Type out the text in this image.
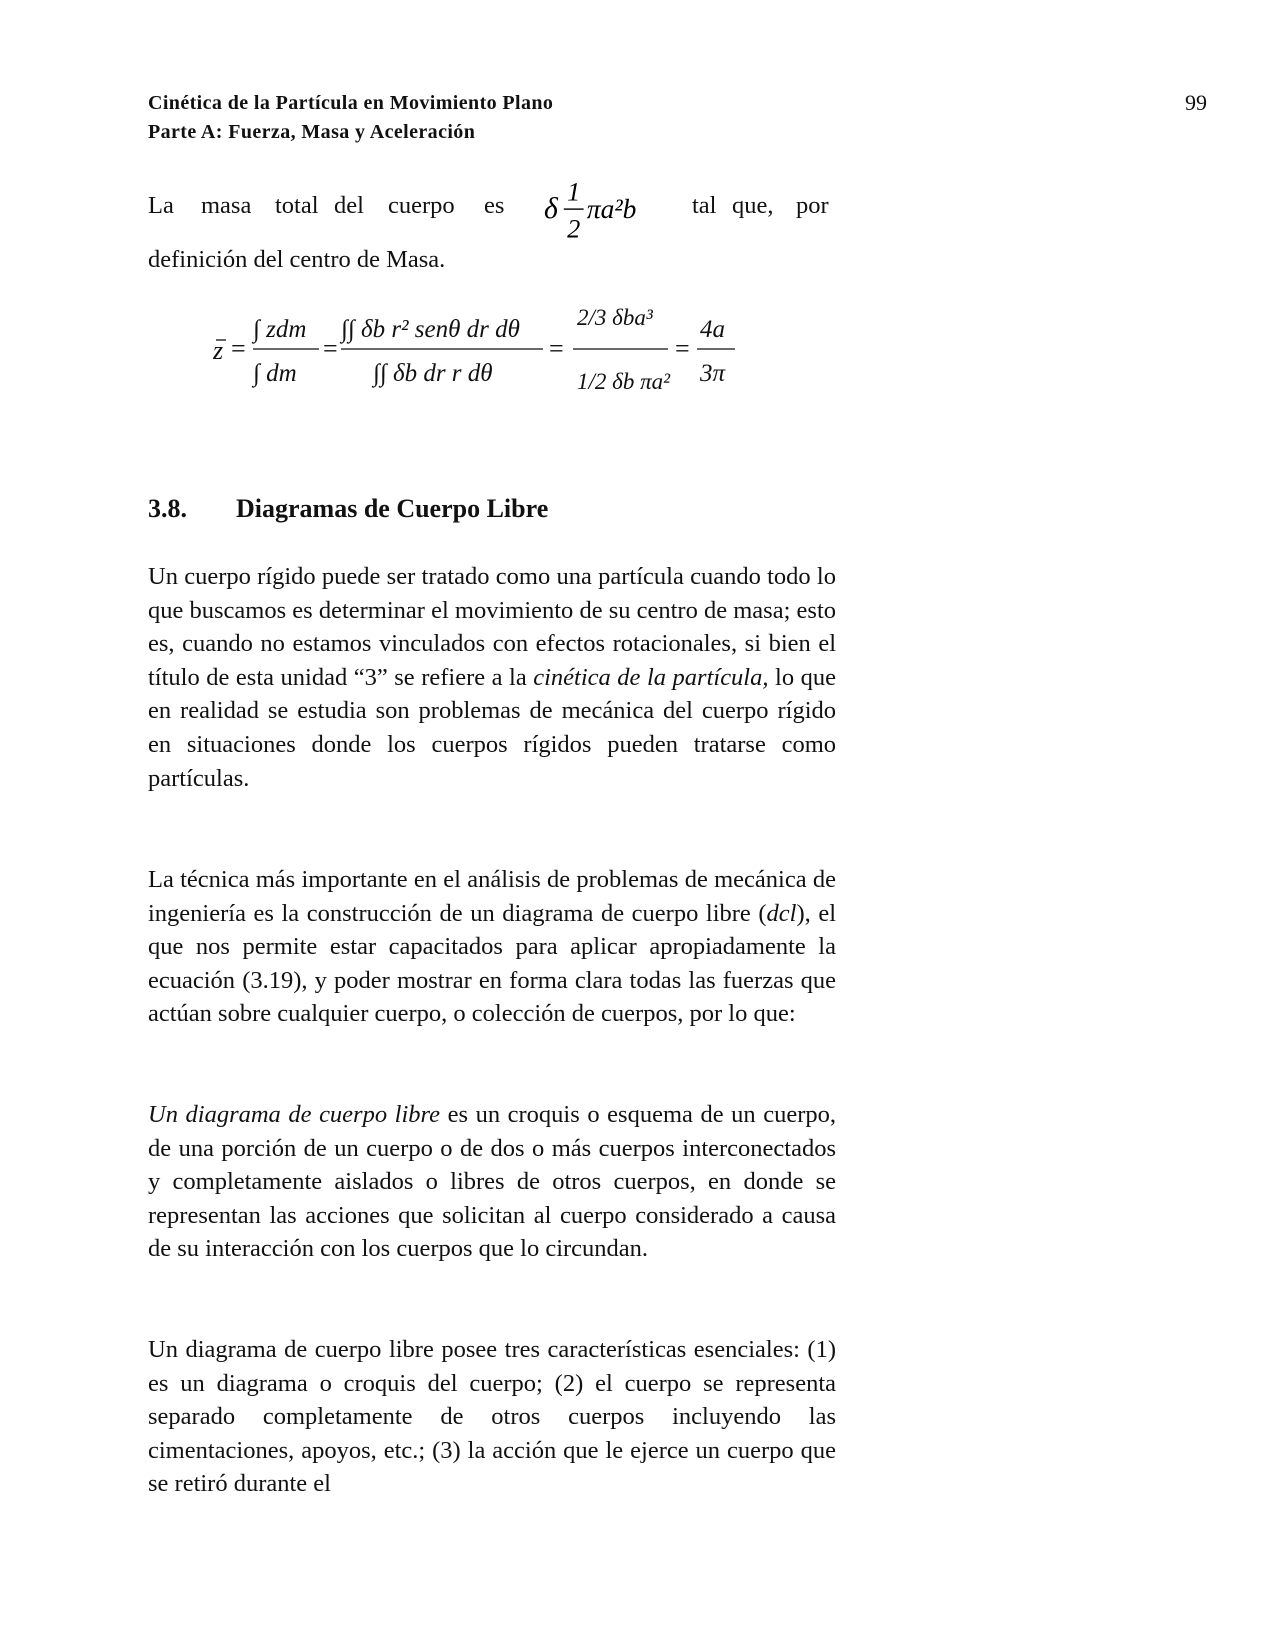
Cinética de la Partícula en Movimiento Plano
Parte A: Fuerza, Masa y Aceleración
99
La masa total del cuerpo es	tal que, por
δ
1
2
πa²b
definición del centro de Masa.
z =
∫ zdm
∫ dm
=
∫∫ δb r² senθ dr dθ
∫∫ δb dr r dθ
=
2/3 δba³
1/2 δb πa²
=
4a
3π
3.8. Diagramas de Cuerpo Libre
Un cuerpo rígido puede ser tratado como una partícula cuando todo lo que buscamos es determinar el movimiento de su centro de masa; esto es, cuando no estamos vinculados con efectos rotacionales, si bien el título de esta unidad “3” se refiere a la cinética de la partícula, lo que en realidad se estudia son problemas de mecánica del cuerpo rígido en situaciones donde los cuerpos rígidos pueden tratarse como partículas.
La técnica más importante en el análisis de problemas de mecánica de ingeniería es la construcción de un diagrama de cuerpo libre (dcl), el que nos permite estar capacitados para aplicar apropiadamente la ecuación (3.19), y poder mostrar en forma clara todas las fuerzas que actúan sobre cualquier cuerpo, o colección de cuerpos, por lo que:
Un diagrama de cuerpo libre es un croquis o esquema de un cuerpo, de una porción de un cuerpo o de dos o más cuerpos interconectados y completamente aislados o libres de otros cuerpos, en donde se representan las acciones que solicitan al cuerpo considerado a causa de su interacción con los cuerpos que lo circundan.
Un diagrama de cuerpo libre posee tres características esenciales: (1) es un diagrama o croquis del cuerpo; (2) el cuerpo se representa separado completamente de otros cuerpos incluyendo las cimentaciones, apoyos, etc.; (3) la acción que le ejerce un cuerpo que se retiró durante el
